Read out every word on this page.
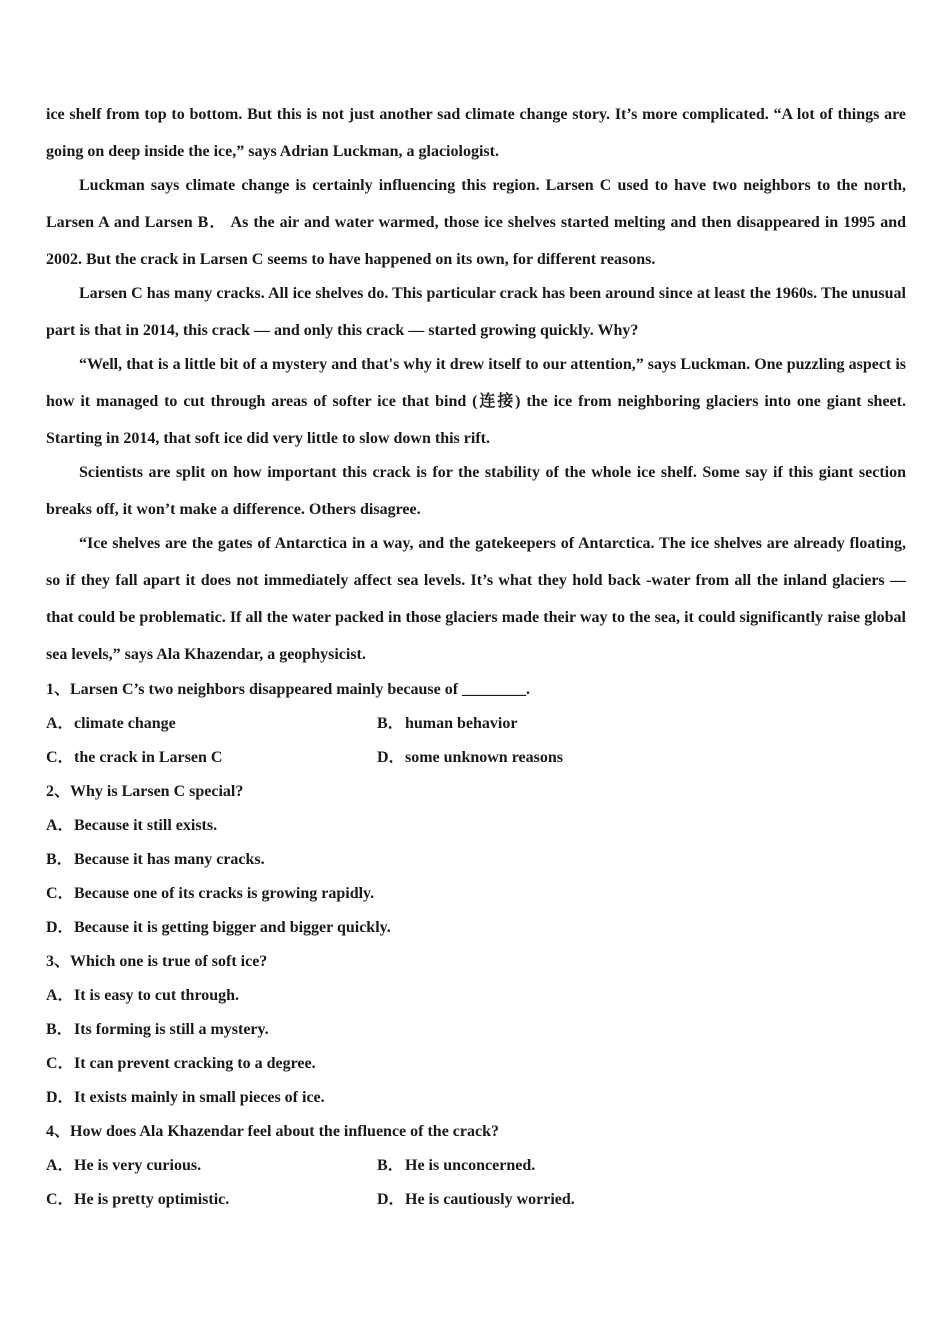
ice shelf from top to bottom. But this is not just another sad climate change story. It’s more complicated. “A lot of things are going on deep inside the ice,” says Adrian Luckman, a glaciologist.

Luckman says climate change is certainly influencing this region. Larsen C used to have two neighbors to the north, Larsen A and Larsen B． As the air and water warmed, those ice shelves started melting and then disappeared in 1995 and 2002. But the crack in Larsen C seems to have happened on its own, for different reasons.

Larsen C has many cracks. All ice shelves do. This particular crack has been around since at least the 1960s. The unusual part is that in 2014, this crack — and only this crack — started growing quickly. Why?

“Well, that is a little bit of a mystery and that's why it drew itself to our attention,” says Luckman. One puzzling aspect is how it managed to cut through areas of softer ice that bind (连接) the ice from neighboring glaciers into one giant sheet. Starting in 2014, that soft ice did very little to slow down this rift.

Scientists are split on how important this crack is for the stability of the whole ice shelf. Some say if this giant section breaks off, it won’t make a difference. Others disagree.

“Ice shelves are the gates of Antarctica in a way, and the gatekeepers of Antarctica. The ice shelves are already floating, so if they fall apart it does not immediately affect sea levels. It’s what they hold back -water from all the inland glaciers — that could be problematic. If all the water packed in those glaciers made their way to the sea, it could significantly raise global sea levels,” says Ala Khazendar, a geophysicist.

1、Larsen C’s two neighbors disappeared mainly because of ________.

A．climate change	B．human behavior
C．the crack in Larsen C	D．some unknown reasons

2、Why is Larsen C special?

A．Because it still exists.

B．Because it has many cracks.

C．Because one of its cracks is growing rapidly.

D．Because it is getting bigger and bigger quickly.

3、Which one is true of soft ice?

A．It is easy to cut through.

B．Its forming is still a mystery.

C．It can prevent cracking to a degree.

D．It exists mainly in small pieces of ice.

4、How does Ala Khazendar feel about the influence of the crack?

A．He is very curious.	B．He is unconcerned.
C．He is pretty optimistic.	D．He is cautiously worried.
